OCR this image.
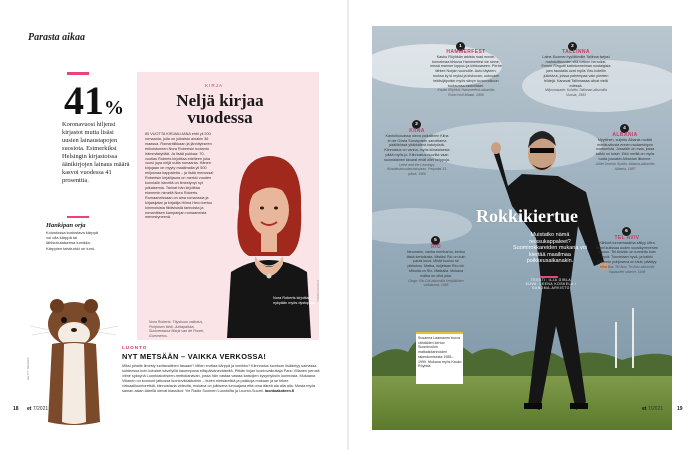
Parasta aikaa
41%
Koronavuosi hiljensi kirjastot mutta lisäsi uusien lainaustapojen suosiota. Esimerkiksi Helsingin kirjastoissa äänikirjojen lainaus määrä kasvoi vuodessa 41 prosenttia.
Hankipan orja
Kolostossa kurkistava kärppä voi olla kärppä tai lähisukulaisensa lumikko. Kärppien talviturkki on lumi-
GETTY IMAGES
KIRJA
Neljä kirjaa vuodessa
60 VUOTTA KIRJAILIJANA ehtii yli 200 romaania, joita on julkaistu ainakin 36 maassa. Romantiikkaan ja jännitykseen erikoistuneen Nora Robertsin tuotanto hämmästyttää. Ja lisää pukkaa: 70-vuotias Roberts kirjoittaa edelleen joka vuosi jopa neljä uutta romaania. Hänen kirjojaan on myyty maailmalla yli 500 miljoonaa kappaletta – ja lisää menossa! Robertsin kirjailijaura on merkki vuoden kunnialle häneltä on ilmestynyt nyt julkaisemia. Tarinat hän kirjoittaa ekemmin nimellä Nora Roberts. Romaaneissaan on aina romanssia ja kirjaisijatar ja kirjailija Hilma Hero kertoo kimmoisista fiktiivisistä tarinoista ja romanttisen kampanjan romaaneista menestyneenä.
Nora Roberts: Täyskuun vaikutus, Pohjoisen tähti, Juhlapaikka, Suomentanut Marja van de Power, Gummerus.
Nora Roberts kirjoittaa nykyään myös dystopiaa.
OTAVAN MEDIA
LUONTO
NYT METSÄÄN – VAIKKA VERKOSSA!
Miksi pihalle ilmesty luottavallinen fasaani? Miten erottaa kärppä ja lumikko? Kiinnostus luontoon lisääntyy samassa suhteessa kuin kotoiset kävelyillä kauempana eilispäiväneväiseltä. Pitkän linjan luontovaikuttaja Panu Villanen perusti viime syksynä Luontoakotiseen-mettokanavan, jossa hän vastaa vastaa katsojien kysymyksiin luonnosta. Mukaana Villanen on konnunt jatkossa luontoviidakkoihin – kuten metsäretkiä ja paikkoja mukaan ja se tekee virtuaaliluontoretkiä, kiinnostavia videoita, mukana on julkisena lumoajana että oma ääreä ala alla alla. Musta myös saman asian äärellä olevat klassikot: Yle Radio Suomen Luontoilta ja Luonto-Suomi. luontoakoteen.fi
18 et 7/2021
1
HAMMERFEST
Kauko Röyhkän arkista road movie-tunnelmaa tihkuva Hammerfest vie sinne, missä manner loppuu ja kirkkoaseen. Perhe lähtee Norjan vuonoille. Auto täyteen, rooksa ky ki myksi ja kiskovan, uutuuden tekitsijäpoisin myös sävyn tuvanvalkoon tuoksunsa loistoiltaan.
Kauko Röyhkä: Hammerfest-albumilla Rock'n'roll killaan, 1999
2
TALLINNA
Laine-Suomen tyyliltömille Tallinna tarjosi mahdollisuuden eliä hetken herroiksi. Ennen Ringotti kattotunnelman nostalgisia joen taustalla ovat myös Viru-hotellin julkisivut, joissa pahempaa vain pienten bildejä. Kanavat Tallinnassa olivat vielä edessä.
Miljoonasade: Kolvittu Tallinnan-albumilla Vuosia, 1993
3
KIINA
Kantohkouassa oleva paikallinen Kiina ei ole Gösta Sundqvistin sanoittama päällikössä yltäkkäänä katutyöstä. Kiinnostus on vanha, myös kiinalaisesta pitää myös jo. Kiinnostus nuorilta vaan suomalainen tavarat eivät ollet helppoja.
Leevi and the Leavings: Kiinalaisiasoulaisiasisiaan, Perjantai 13. päivä, 1986
4
ALBANIA
Myyttinen, suljettu Albania ruokkii mielikuvitusta ennen rautaesiripun murtumista. Jossakin on maa, jossa kaikki on toisin. Eikö meillä on myös tuolla jossakin Albanian liikenne.
Juliet Jonesin Sydän: Albania-albumilla Albania, 1987
5
RIO
Neumann, vanha meriharha, kertoo tästä kertoilusta. Mistäsi Rio on kuin paras kuva. Mistä kuuluu se pikkukuu. Matka, kuljetaan Rio ohi. Minulla on Rio. Matkalla. Mukava matka on ollut joka.
Dingo: Rio Ohi-albumilla Kerjäläisten valtakunta, 1985
6
TEL AVIV
Kiihkeä tunnemaailma säilyy Ultra Brani kulissaa uuden vuosikymmenen alkuun. Tel Avivkin on tunnettu kuin hyvä. Tunnetaan hyvä, ja kaikki Pokemin puhjosena on tauti, päättyy.
Ultra Bra: Tel Aviv, Tel Aviv-albumilla Vapauden sävelet, 1998
Susanna Laamanen tuova vähtäiden kertoo Suomirockin matkailutarinoiden rakentumisesta 1985–1999. Mukana myös Kauko Röyhkä.
Rokkikiertue
Muistatko nämä reissukappaleet? Suomirokkareiden mukana voi kiertää maailmaa poikkeusaikanakin.
TEKSTI: ILJA GIBLA
KUVA: LEENA KOSKELA / SANOMA-ARKISTO
et 7/2021	19
